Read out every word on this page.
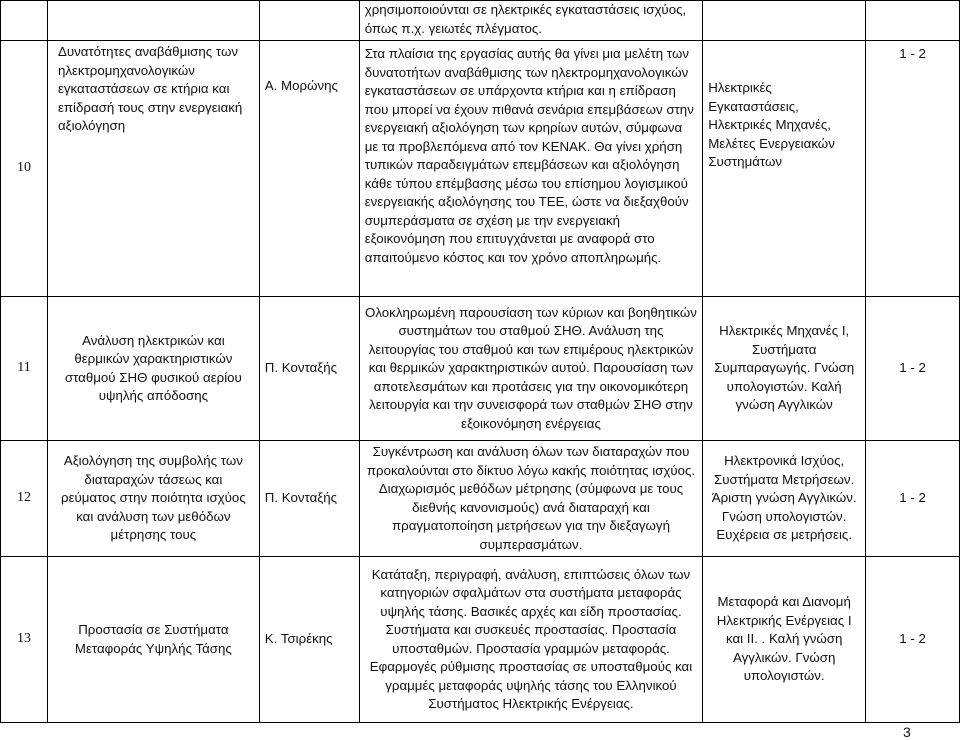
			χρησιμοποιούνται σε ηλεκτρικές εγκαταστάσεις ισχύος, όπως π.χ. γειωτές πλέγματος.		
10	Δυνατότητες αναβάθμισης των ηλεκτρομηχανολογικών εγκαταστάσεων σε κτήρια και επίδρασή τους στην ενεργειακή αξιολόγηση	Α. Μορώνης	Στα πλαίσια της εργασίας αυτής θα γίνει μια μελέτη των δυνατοτήτων αναβάθμισης των ηλεκτρομηχανολογικών εγκαταστάσεων σε υπάρχοντα κτήρια και η επίδραση που μπορεί να έχουν πιθανά σενάρια επεμβάσεων στην ενεργειακή αξιολόγηση των κρηρίων αυτών, σύμφωνα με τα προβλεπόμενα από τον ΚΕΝΑΚ. Θα γίνει χρήση τυπικών παραδειγμάτων επεμβάσεων και αξιολόγηση κάθε τύπου επέμβασης μέσω του επίσημου λογισμικού ενεργειακής αξιολόγησης του ΤΕΕ, ώστε να διεξαχθούν συμπεράσματα σε σχέση με την ενεργειακή εξοικονόμηση που επιτυγχάνεται με αναφορά στο απαιτούμενο κόστος και τον χρόνο αποπληρωμής.	Ηλεκτρικές Εγκαταστάσεις, Ηλεκτρικές Μηχανές, Μελέτες Ενεργειακών Συστημάτων	1 - 2
11	Ανάλυση ηλεκτρικών και θερμικών χαρακτηριστικών σταθμού ΣΗΘ φυσικού αερίου υψηλής απόδοσης	Π. Κονταξής	Ολοκληρωμένη παρουσίαση των κύριων και βοηθητικών συστημάτων του σταθμού ΣΗΘ. Ανάλυση της λειτουργίας του σταθμού και των επιμέρους ηλεκτρικών και θερμικών χαρακτηριστικών αυτού. Παρουσίαση των αποτελεσμάτων και προτάσεις για την οικονομικότερη λειτουργία και την συνεισφορά των σταθμών ΣΗΘ στην εξοικονόμηση ενέργειας	Ηλεκτρικές Μηχανές Ι, Συστήματα Συμπαραγωγής. Γνώση υπολογιστών. Καλή γνώση Αγγλικών	1 - 2
12	Αξιολόγηση της συμβολής των διαταραχών τάσεως και ρεύματος στην ποιότητα ισχύος και ανάλυση των μεθόδων μέτρησης τους	Π. Κονταξής	Συγκέντρωση και ανάλυση όλων των διαταραχών που προκαλούνται στο δίκτυο λόγω κακής ποιότητας ισχύος. Διαχωρισμός μεθόδων μέτρησης (σύμφωνα με τους διεθνής κανονισμούς) ανά διαταραχή και πραγματοποίηση μετρήσεων για την διεξαγωγή συμπερασμάτων.	Ηλεκτρονικά Ισχύος, Συστήματα Μετρήσεων. Άριστη γνώση Αγγλικών. Γνώση υπολογιστών. Ευχέρεια σε μετρήσεις.	1 - 2
13	Προστασία σε Συστήματα Μεταφοράς Υψηλής Τάσης	Κ. Τσιρέκης	Κατάταξη, περιγραφή, ανάλυση, επιπτώσεις όλων των κατηγοριών σφαλμάτων στα συστήματα μεταφοράς υψηλής τάσης. Βασικές αρχές και είδη προστασίας. Συστήματα και συσκευές προστασίας. Προστασία υποσταθμών. Προστασία γραμμών μεταφοράς. Εφαρμογές ρύθμισης προστασίας σε υποσταθμούς και γραμμές μεταφοράς υψηλής τάσης του Ελληνικού Συστήματος Ηλεκτρικής Ενέργειας.	Μεταφορά και Διανομή Ηλεκτρικής Ενέργειας Ι και ΙΙ. . Καλή γνώση Αγγλικών. Γνώση υπολογιστών.	1 - 2
3
